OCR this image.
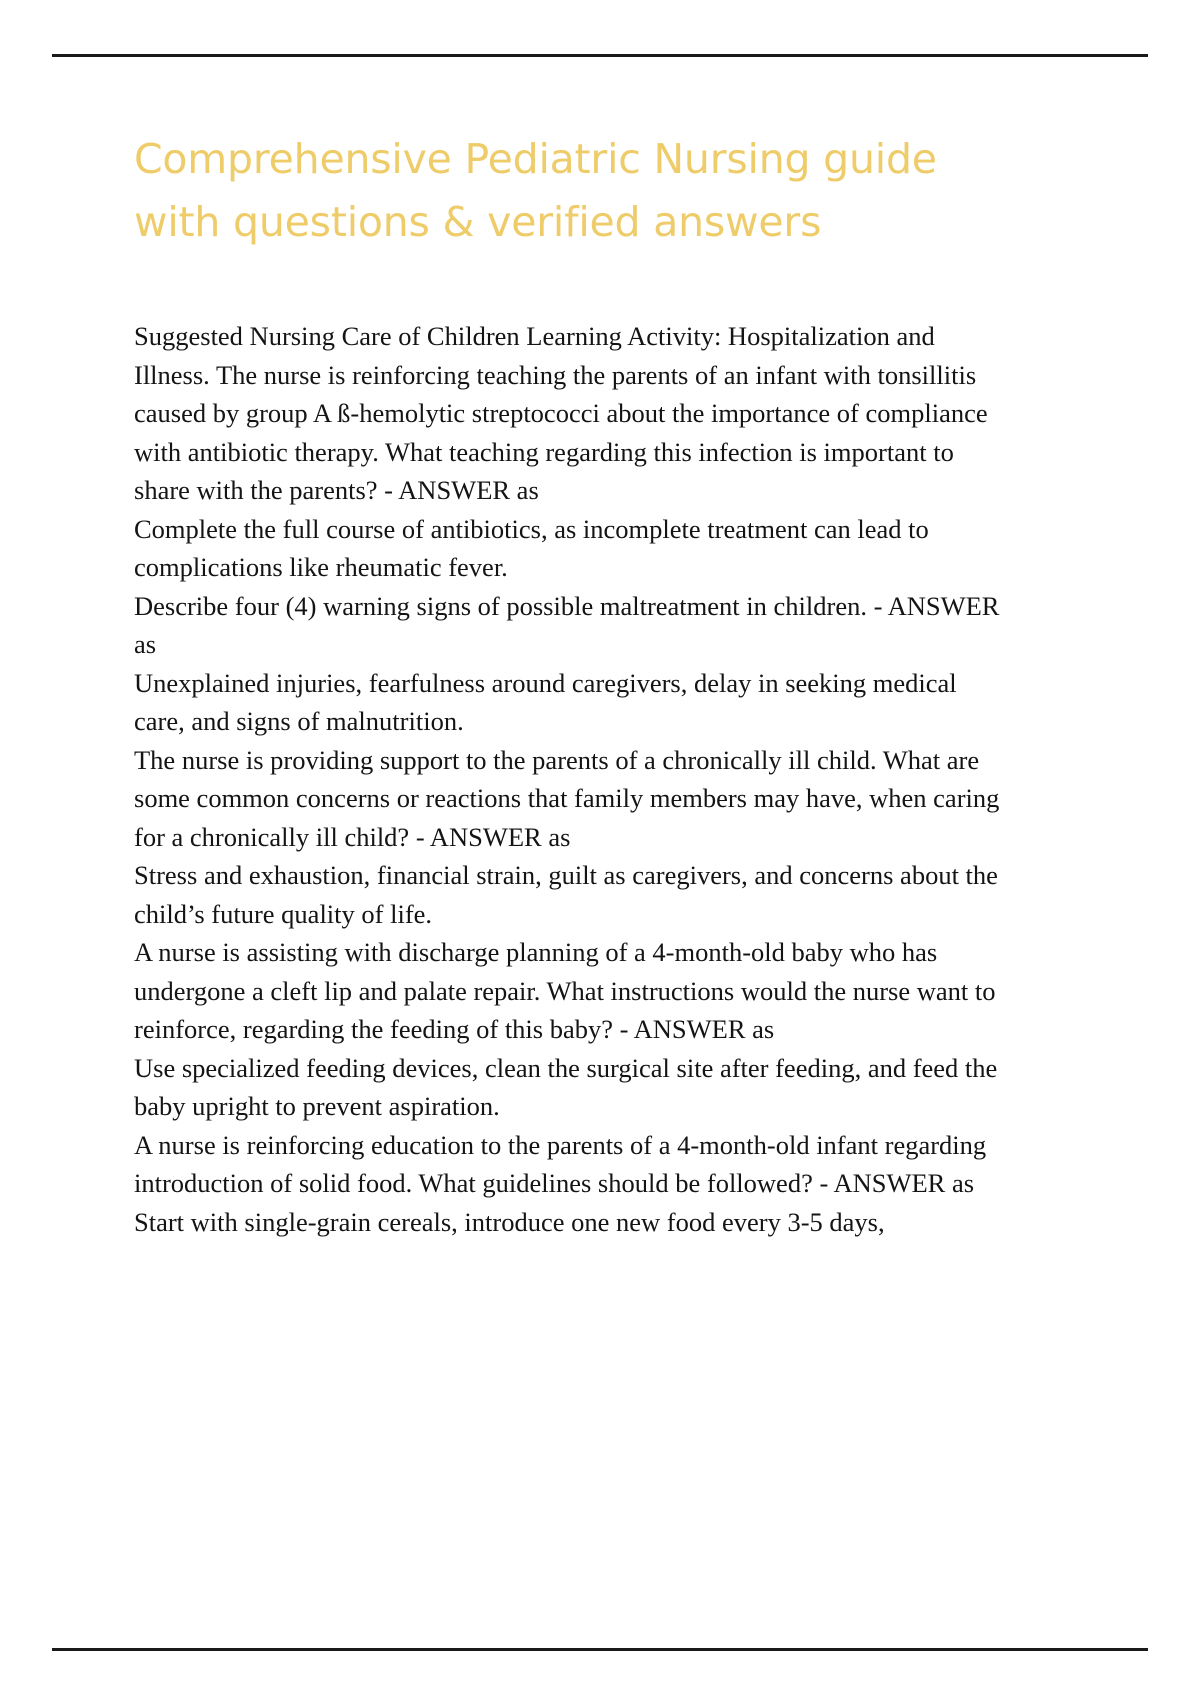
Comprehensive Pediatric Nursing guide with questions & verified answers

Suggested Nursing Care of Children Learning Activity: Hospitalization and Illness. The nurse is reinforcing teaching the parents of an infant with tonsillitis caused by group A ß-hemolytic streptococci about the importance of compliance with antibiotic therapy. What teaching regarding this infection is important to share with the parents? - ANSWER as

Complete the full course of antibiotics, as incomplete treatment can lead to complications like rheumatic fever.

Describe four (4) warning signs of possible maltreatment in children. - ANSWER as

Unexplained injuries, fearfulness around caregivers, delay in seeking medical care, and signs of malnutrition.

The nurse is providing support to the parents of a chronically ill child. What are some common concerns or reactions that family members may have, when caring for a chronically ill child? - ANSWER as

Stress and exhaustion, financial strain, guilt as caregivers, and concerns about the child’s future quality of life.

A nurse is assisting with discharge planning of a 4-month-old baby who has undergone a cleft lip and palate repair. What instructions would the nurse want to reinforce, regarding the feeding of this baby? - ANSWER as

Use specialized feeding devices, clean the surgical site after feeding, and feed the baby upright to prevent aspiration.

A nurse is reinforcing education to the parents of a 4-month-old infant regarding introduction of solid food. What guidelines should be followed? - ANSWER as

Start with single-grain cereals, introduce one new food every 3-5 days,
